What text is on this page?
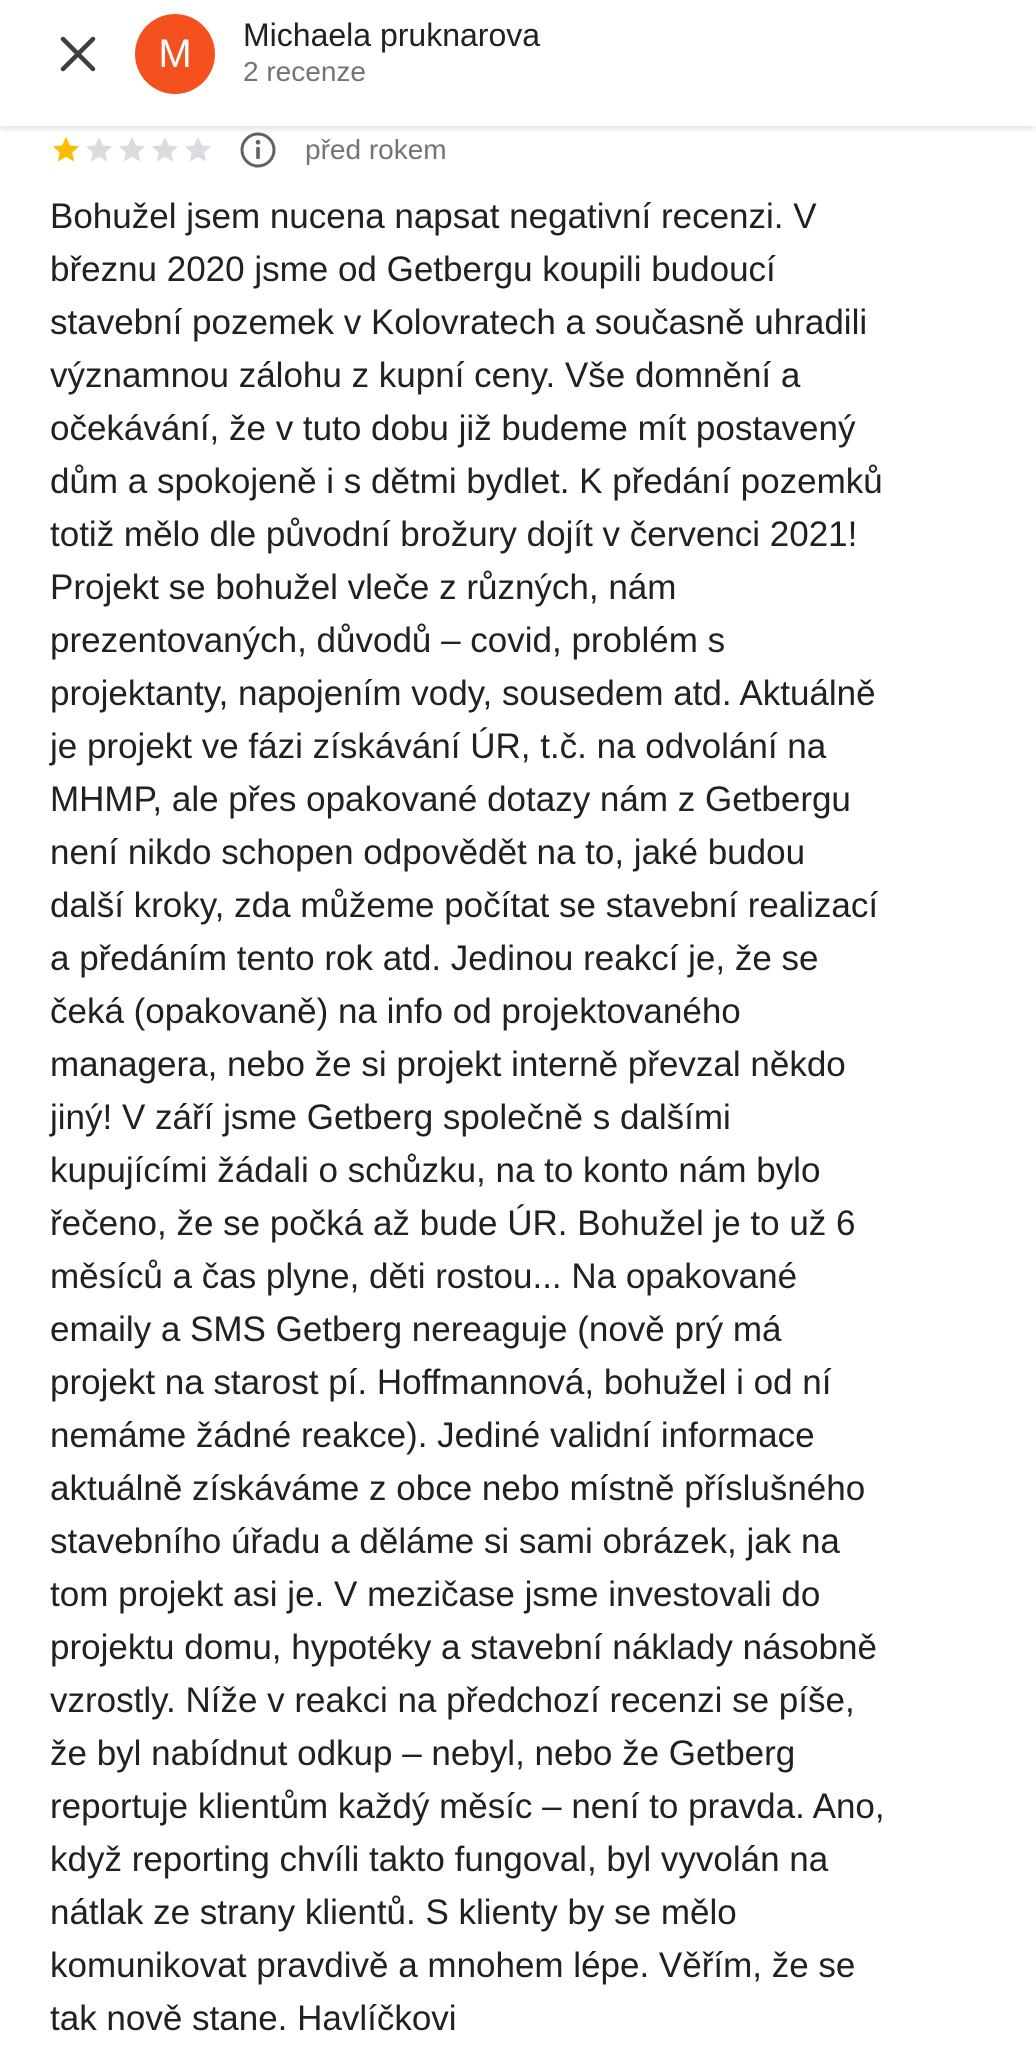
M	Michaela pruknarova
2 recenze
před rokem
Bohužel jsem nucena napsat negativní recenzi. V
březnu 2020 jsme od Getbergu koupili budoucí
stavební pozemek v Kolovratech a současně uhradili
významnou zálohu z kupní ceny. Vše domnění a
očekávání, že v tuto dobu již budeme mít postavený
dům a spokojeně i s dětmi bydlet. K předání pozemků
totiž mělo dle původní brožury dojít v červenci 2021!
Projekt se bohužel vleče z různých, nám
prezentovaných, důvodů – covid, problém s
projektanty, napojením vody, sousedem atd. Aktuálně
je projekt ve fázi získávání ÚR, t.č. na odvolání na
MHMP, ale přes opakované dotazy nám z Getbergu
není nikdo schopen odpovědět na to, jaké budou
další kroky, zda můžeme počítat se stavební realizací
a předáním tento rok atd. Jedinou reakcí je, že se
čeká (opakovaně) na info od projektovaného
managera, nebo že si projekt interně převzal někdo
jiný! V září jsme Getberg společně s dalšími
kupujícími žádali o schůzku, na to konto nám bylo
řečeno, že se počká až bude ÚR. Bohužel je to už 6
měsíců a čas plyne, děti rostou... Na opakované
emaily a SMS Getberg nereaguje (nově prý má
projekt na starost pí. Hoffmannová, bohužel i od ní
nemáme žádné reakce). Jediné validní informace
aktuálně získáváme z obce nebo místně příslušného
stavebního úřadu a děláme si sami obrázek, jak na
tom projekt asi je. V mezičase jsme investovali do
projektu domu, hypotéky a stavební náklady násobně
vzrostly. Níže v reakci na předchozí recenzi se píše,
že byl nabídnut odkup – nebyl, nebo že Getberg
reportuje klientům každý měsíc – není to pravda. Ano,
když reporting chvíli takto fungoval, byl vyvolán na
nátlak ze strany klientů. S klienty by se mělo
komunikovat pravdivě a mnohem lépe. Věřím, že se
tak nově stane. Havlíčkovi
